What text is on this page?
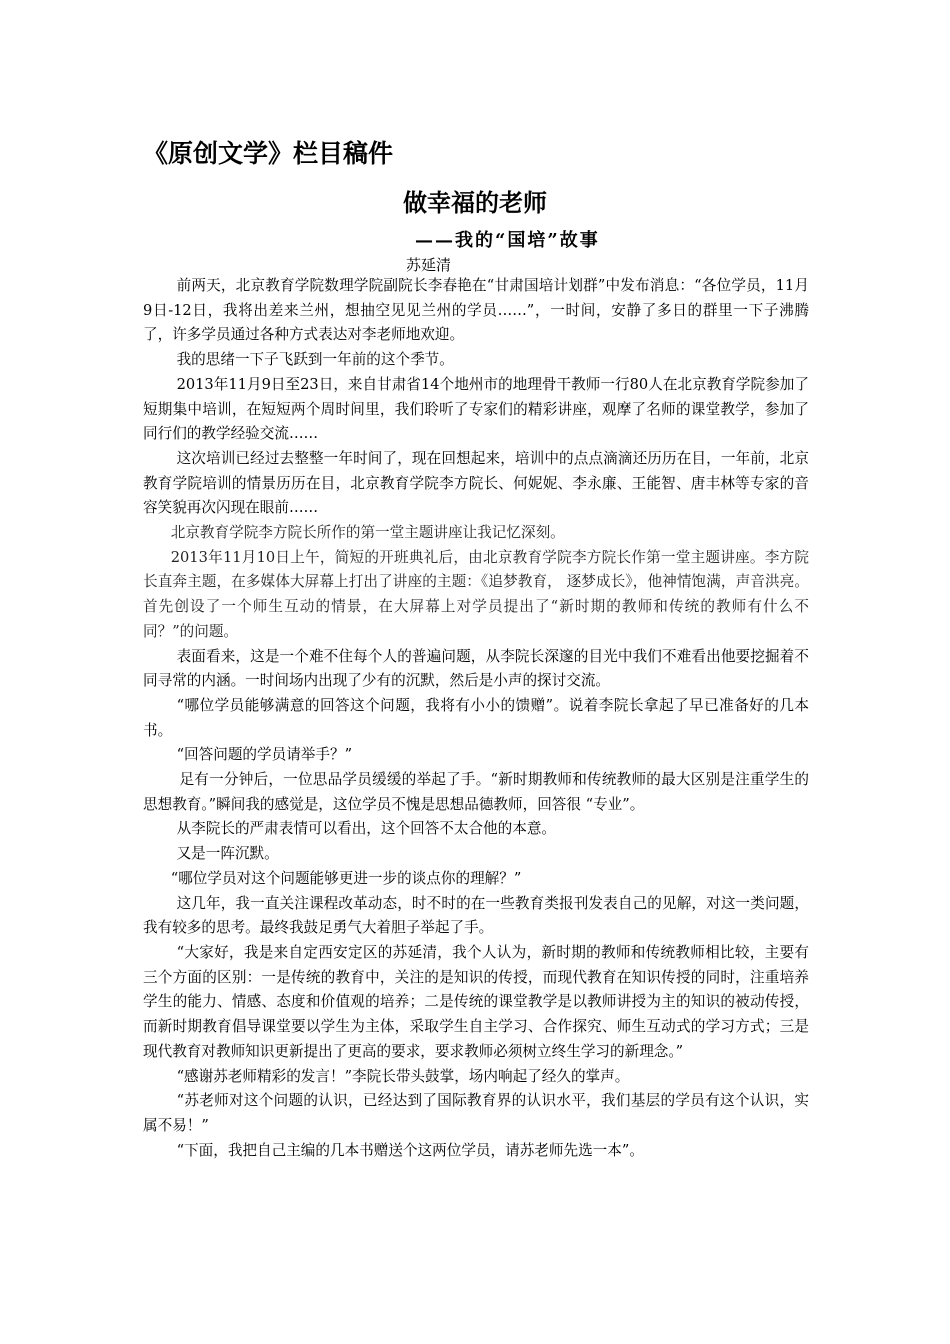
《原创文学》栏目稿件
做幸福的老师
——我的“国培”故事
苏延清

前两天，北京教育学院数理学院副院长李春艳在“甘肃国培计划群”中发布消息：“各位学员，11月9日-12日，我将出差来兰州，想抽空见见兰州的学员……”，一时间，安静了多日的群里一下子沸腾了，许多学员通过各种方式表达对李老师地欢迎。

我的思绪一下子飞跃到一年前的这个季节。

2013年11月9日至23日，来自甘肃省14个地州市的地理骨干教师一行80人在北京教育学院参加了短期集中培训，在短短两个周时间里，我们聆听了专家们的精彩讲座，观摩了名师的课堂教学，参加了同行们的教学经验交流……

这次培训已经过去整整一年时间了，现在回想起来，培训中的点点滴滴还历历在目，一年前，北京教育学院培训的情景历历在目，北京教育学院李方院长、何妮妮、李永廉、王能智、唐丰林等专家的音容笑貌再次闪现在眼前……

北京教育学院李方院长所作的第一堂主题讲座让我记忆深刻。

2013年11月10日上午，简短的开班典礼后，由北京教育学院李方院长作第一堂主题讲座。李方院长直奔主题，在多媒体大屏幕上打出了讲座的主题：《追梦教育， 逐梦成长》，他神情饱满，声音洪亮。首先创设了一个师生互动的情景，在大屏幕上对学员提出了“新时期的教师和传统的教师有什么不同？”的问题。

表面看来，这是一个难不住每个人的普遍问题，从李院长深邃的目光中我们不难看出他要挖掘着不同寻常的内涵。一时间场内出现了少有的沉默，然后是小声的探讨交流。

“哪位学员能够满意的回答这个问题，我将有小小的馈赠”。说着李院长拿起了早已准备好的几本书。

“回答问题的学员请举手？”

足有一分钟后，一位思品学员缓缓的举起了手。“新时期教师和传统教师的最大区别是注重学生的思想教育。”瞬间我的感觉是，这位学员不愧是思想品德教师，回答很 “专业”。

从李院长的严肃表情可以看出，这个回答不太合他的本意。

又是一阵沉默。

“哪位学员对这个问题能够更进一步的谈点你的理解？”

这几年，我一直关注课程改革动态，时不时的在一些教育类报刊发表自己的见解，对这一类问题，我有较多的思考。最终我鼓足勇气大着胆子举起了手。

“大家好，我是来自定西安定区的苏延清，我个人认为，新时期的教师和传统教师相比较，主要有三个方面的区别：一是传统的教育中，关注的是知识的传授，而现代教育在知识传授的同时，注重培养学生的能力、情感、态度和价值观的培养；二是传统的课堂教学是以教师讲授为主的知识的被动传授，而新时期教育倡导课堂要以学生为主体，采取学生自主学习、合作探究、师生互动式的学习方式；三是现代教育对教师知识更新提出了更高的要求，要求教师必须树立终生学习的新理念。”

“感谢苏老师精彩的发言！”李院长带头鼓掌，场内响起了经久的掌声。

“苏老师对这个问题的认识，已经达到了国际教育界的认识水平，我们基层的学员有这个认识，实属不易！”

“下面，我把自己主编的几本书赠送个这两位学员，请苏老师先选一本”。
